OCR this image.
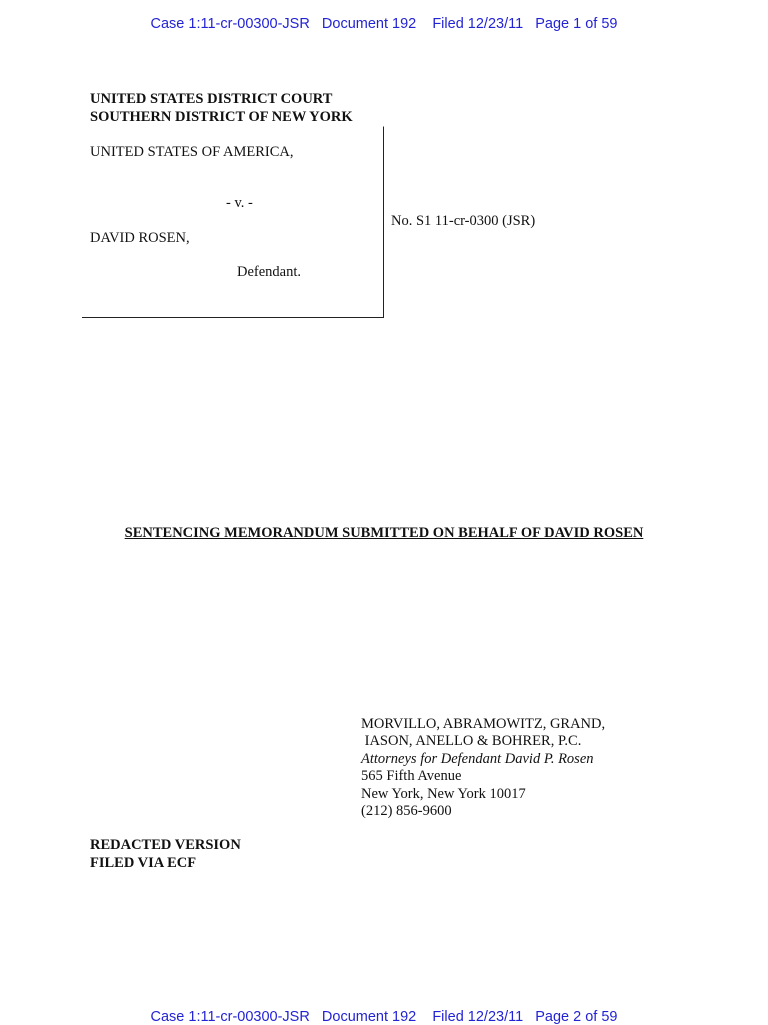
Case 1:11-cr-00300-JSR   Document 192    Filed 12/23/11   Page 1 of 59
UNITED STATES DISTRICT COURT
SOUTHERN DISTRICT OF NEW YORK
UNITED STATES OF AMERICA,
- v. -
DAVID ROSEN,
Defendant.
No. S1 11-cr-0300 (JSR)
SENTENCING MEMORANDUM SUBMITTED ON BEHALF OF DAVID ROSEN
MORVILLO, ABRAMOWITZ, GRAND,
IASON, ANELLO & BOHRER, P.C.
Attorneys for Defendant David P. Rosen
565 Fifth Avenue
New York, New York 10017
(212) 856-9600
REDACTED VERSION
FILED VIA ECF
Case 1:11-cr-00300-JSR   Document 192    Filed 12/23/11   Page 2 of 59
